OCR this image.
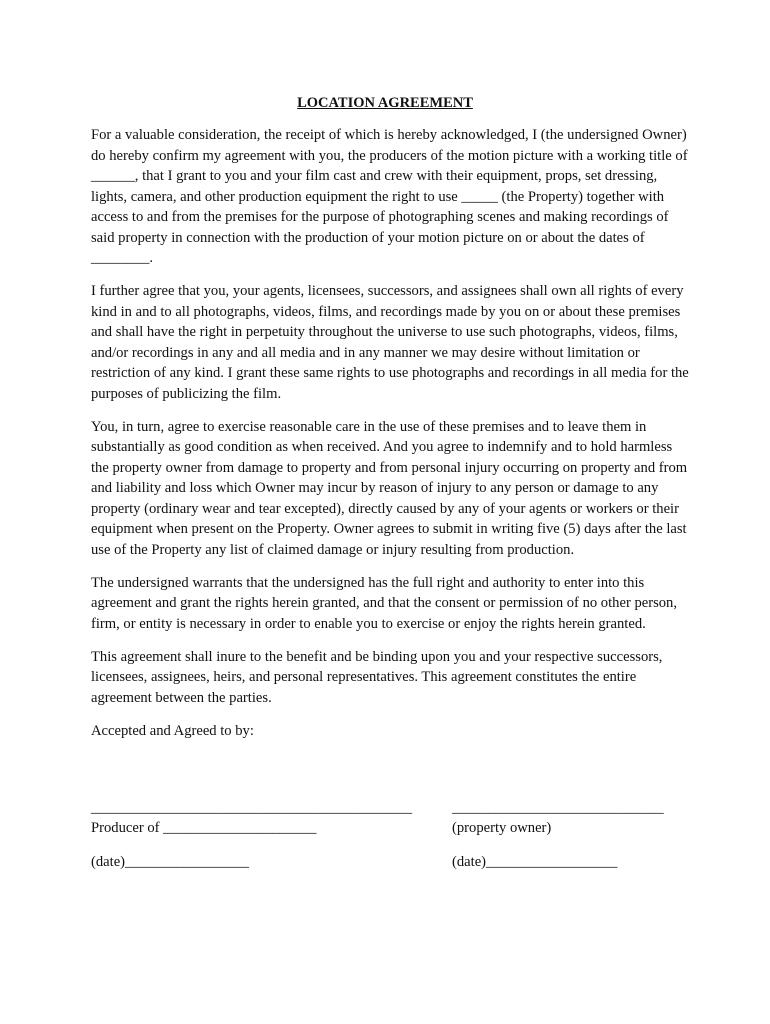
LOCATION AGREEMENT

For a valuable consideration, the receipt of which is hereby acknowledged, I (the undersigned Owner) do hereby confirm my agreement with you, the producers of the motion picture with a working title of ______, that I grant to you and your film cast and crew with their equipment, props, set dressing, lights, camera, and other production equipment the right to use _____ (the Property) together with access to and from the premises for the purpose of photographing scenes and making recordings of said property in connection with the production of your motion picture on or about the dates of ________.

I further agree that you, your agents, licensees, successors, and assignees shall own all rights of every kind in and to all photographs, videos, films, and recordings made by you on or about these premises and shall have the right in perpetuity throughout the universe to use such photographs, videos, films, and/or recordings in any and all media and in any manner we may desire without limitation or restriction of any kind. I grant these same rights to use photographs and recordings in all media for the purposes of publicizing the film.

You, in turn, agree to exercise reasonable care in the use of these premises and to leave them in substantially as good condition as when received. And you agree to indemnify and to hold harmless the property owner from damage to property and from personal injury occurring on property and from and liability and loss which Owner may incur by reason of injury to any person or damage to any property (ordinary wear and tear excepted), directly caused by any of your agents or workers or their equipment when present on the Property. Owner agrees to submit in writing five (5) days after the last use of the Property any list of claimed damage or injury resulting from production.

The undersigned warrants that the undersigned has the full right and authority to enter into this agreement and grant the rights herein granted, and that the consent or permission of no other person, firm, or entity is necessary in order to enable you to exercise or enjoy the rights herein granted.

This agreement shall inure to the benefit and be binding upon you and your respective successors, licensees, assignees, heirs, and personal representatives. This agreement constitutes the entire agreement between the parties.

Accepted and Agreed to by:

____________________________________________	_____________________________
Producer of _____________________	(property owner)
(date)_________________	(date)__________________
